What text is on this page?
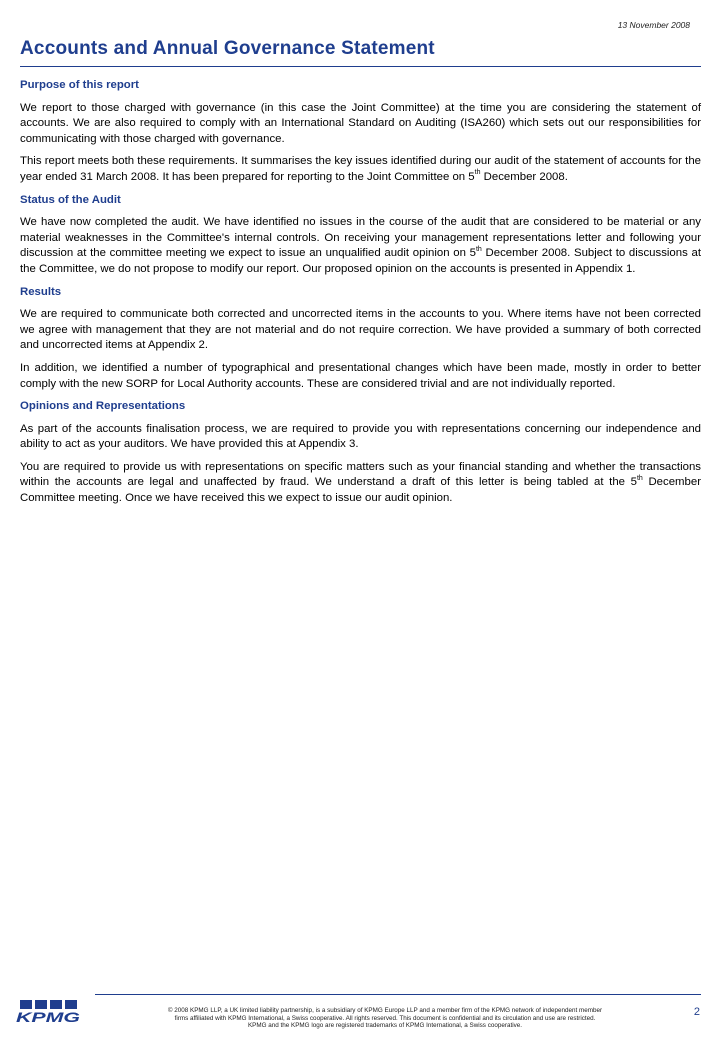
13 November 2008
Accounts and Annual Governance Statement
Purpose of this report

We report to those charged with governance (in this case the Joint Committee) at the time you are considering the statement of accounts. We are also required to comply with an International Standard on Auditing (ISA260) which sets out our responsibilities for communicating with those charged with governance.

This report meets both these requirements. It summarises the key issues identified during our audit of the statement of accounts for the year ended 31 March 2008. It has been prepared for reporting to the Joint Committee on 5th December 2008.

Status of the Audit

We have now completed the audit. We have identified no issues in the course of the audit that are considered to be material or any material weaknesses in the Committee's internal controls. On receiving your management representations letter and following your discussion at the committee meeting we expect to issue an unqualified audit opinion on 5th December 2008. Subject to discussions at the Committee, we do not propose to modify our report. Our proposed opinion on the accounts is presented in Appendix 1.

Results

We are required to communicate both corrected and uncorrected items in the accounts to you. Where items have not been corrected we agree with management that they are not material and do not require correction. We have provided a summary of both corrected and uncorrected items at Appendix 2.

In addition, we identified a number of typographical and presentational changes which have been made, mostly in order to better comply with the new SORP for Local Authority accounts. These are considered trivial and are not individually reported.

Opinions and Representations

As part of the accounts finalisation process, we are required to provide you with representations concerning our independence and ability to act as your auditors. We have provided this at Appendix 3.

You are required to provide us with representations on specific matters such as your financial standing and whether the transactions within the accounts are legal and unaffected by fraud. We understand a draft of this letter is being tabled at the 5th December Committee meeting. Once we have received this we expect to issue our audit opinion.

KPMG	© 2008 KPMG LLP, a UK limited liability partnership, is a subsidiary of KPMG Europe LLP and a member firm of the KPMG network of independent member
firms affiliated with KPMG International, a Swiss cooperative. All rights reserved. This document is confidential and its circulation and use are restricted.
KPMG and the KPMG logo are registered trademarks of KPMG International, a Swiss cooperative.
2
